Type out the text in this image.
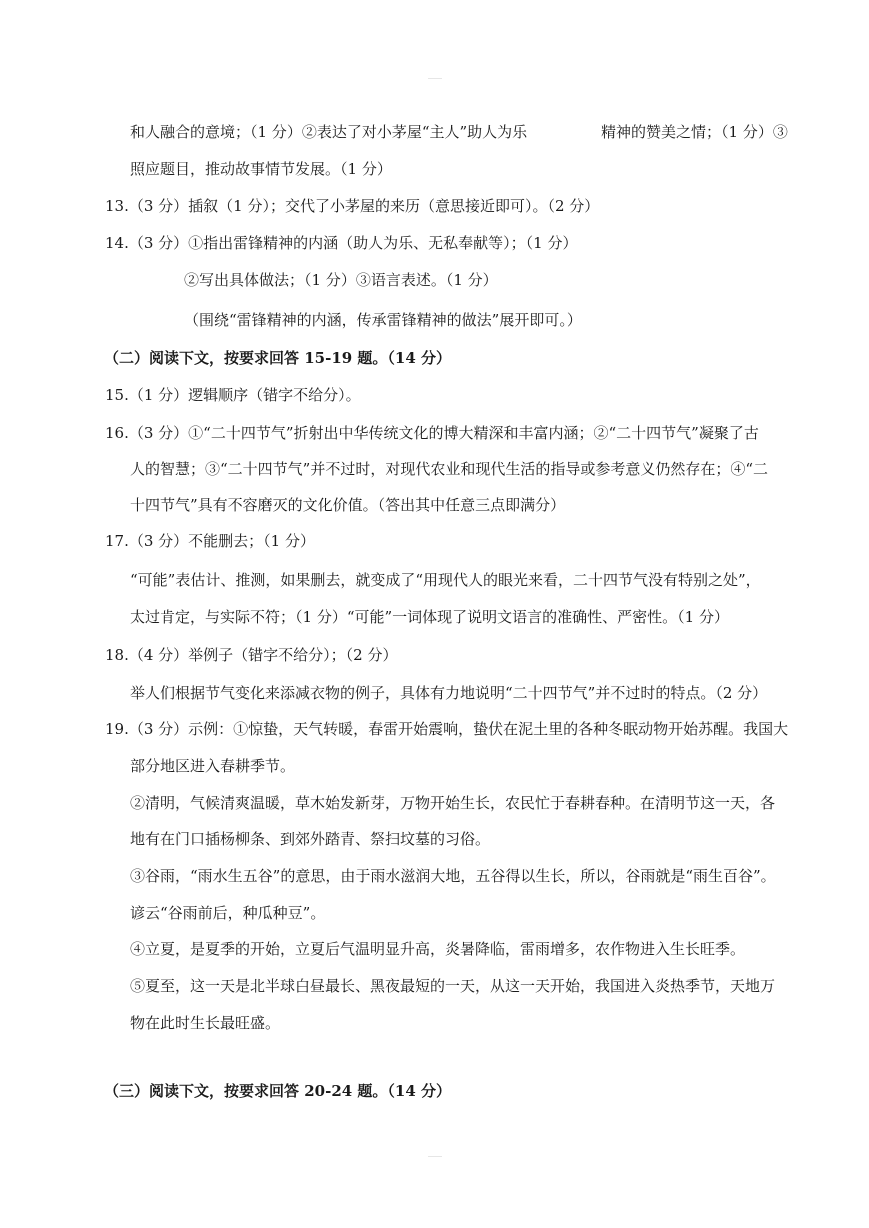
和人融合的意境；（1 分）②表达了对小茅屋“主人”助人为乐	精神的赞美之情；（1 分）③
照应题目，推动故事情节发展。（1 分）
13.（3 分）插叙（1 分）；交代了小茅屋的来历（意思接近即可）。（2 分）
14.（3 分）①指出雷锋精神的内涵（助人为乐、无私奉献等）；（1 分）
②写出具体做法；（1 分）③语言表述。（1 分）
（围绕“雷锋精神的内涵，传承雷锋精神的做法”展开即可。）
（二）阅读下文，按要求回答 15-19 题。（14 分）
15.（1 分）逻辑顺序（错字不给分）。
16.（3 分）①“二十四节气”折射出中华传统文化的博大精深和丰富内涵；②“二十四节气”凝聚了古
人的智慧；③“二十四节气”并不过时，对现代农业和现代生活的指导或参考意义仍然存在；④“二
十四节气”具有不容磨灭的文化价值。（答出其中任意三点即满分）
17.（3 分）不能删去；（1 分）
“可能”表估计、推测，如果删去，就变成了“用现代人的眼光来看，二十四节气没有特别之处”，
太过肯定，与实际不符；（1 分）“可能”一词体现了说明文语言的准确性、严密性。（1 分）
18.（4 分）举例子（错字不给分）；（2 分）
举人们根据节气变化来添减衣物的例子，具体有力地说明“二十四节气”并不过时的特点。（2 分）
19.（3 分）示例：①惊蛰，天气转暖，春雷开始震响，蛰伏在泥土里的各种冬眠动物开始苏醒。我国大
部分地区进入春耕季节。
②清明，气候清爽温暖，草木始发新芽，万物开始生长，农民忙于春耕春种。在清明节这一天，各
地有在门口插杨柳条、到郊外踏青、祭扫坟墓的习俗。
③谷雨，“雨水生五谷”的意思，由于雨水滋润大地，五谷得以生长，所以，谷雨就是“雨生百谷”。
谚云“谷雨前后，种瓜种豆”。
④立夏，是夏季的开始，立夏后气温明显升高，炎暑降临，雷雨增多，农作物进入生长旺季。
⑤夏至，这一天是北半球白昼最长、黑夜最短的一天，从这一天开始，我国进入炎热季节，天地万
物在此时生长最旺盛。
（三）阅读下文，按要求回答 20-24 题。（14 分）
